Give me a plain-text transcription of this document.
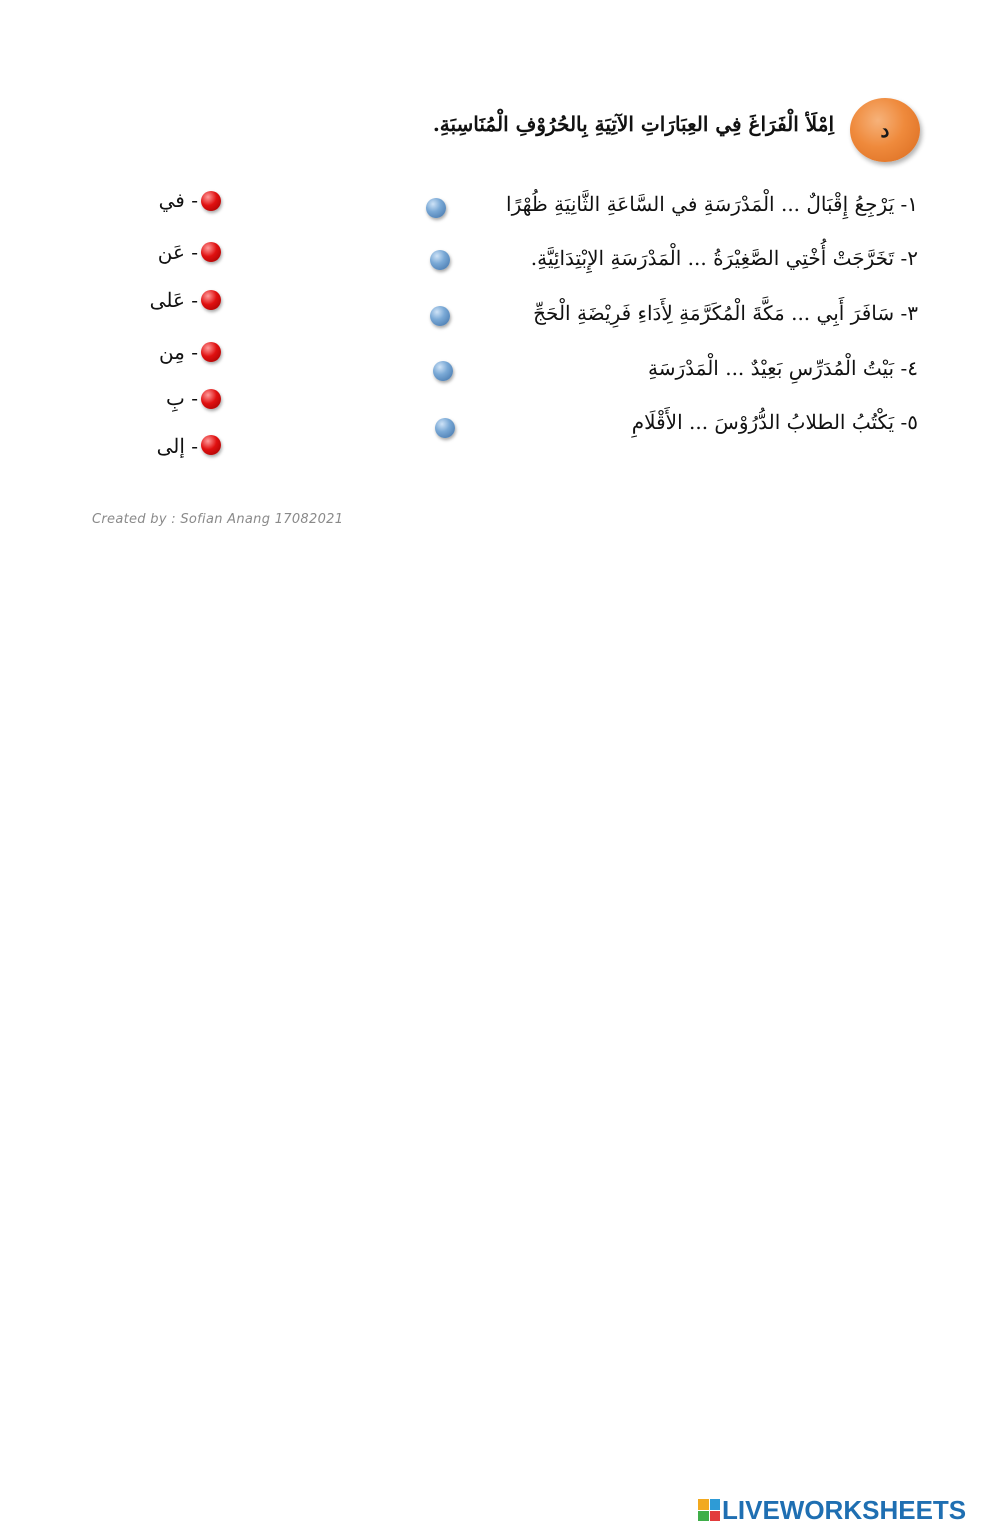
د
اِمْلَأ الْفَرَاغَ فِي العِبَارَاتِ الآتِيَةِ بِالحُرُوْفِ الْمُنَاسِبَةِ.
١- يَرْجِعُ إِقْبَالٌ ... الْمَدْرَسَةِ في السَّاعَةِ الثَّانِيَةِ ظُهْرًا
٢- تَخَرَّجَتْ أُخْتِي الصَّغِيْرَةُ ... الْمَدْرَسَةِ الإِبْتِدَائِيَّةِ.
٣- سَافَرَ أَبِي ... مَكَّةَ الْمُكَرَّمَةِ لِأَدَاءِ فَرِيْضَةِ الْحَجِّ
٤- بَيْتُ الْمُدَرِّسِ بَعِيْدٌ ... الْمَدْرَسَةِ
٥- يَكْتُبُ الطلابُ الدُّرُوْسَ ... الأَقْلَامِ
- في
- عَن
- عَلى
- مِن
- بِ
- إلى
Created by : Sofian Anang 17082021
LIVEWORKSHEETS
